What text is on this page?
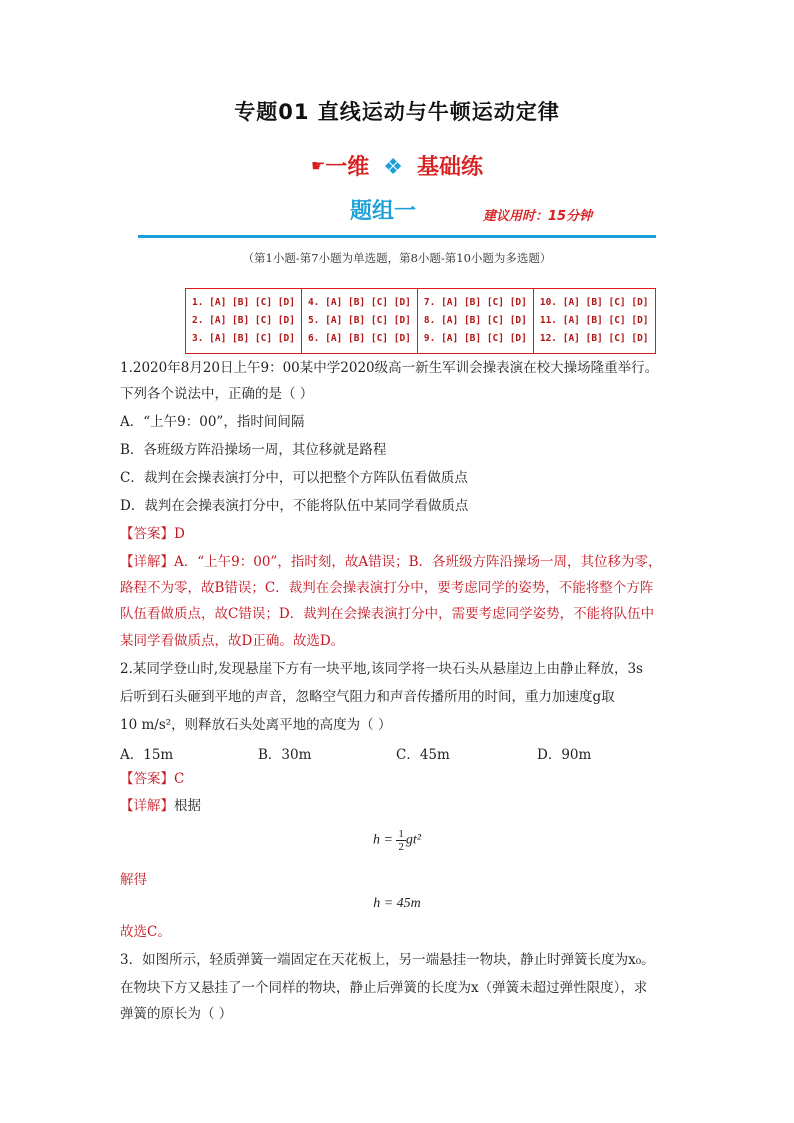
专题01 直线运动与牛顿运动定律
☛一维 ❖ 基础练
题组一	建议用时：15分钟
（第1小题-第7小题为单选题，第8小题-第10小题为多选题）
1. [A] [B] [C] [D]
2. [A] [B] [C] [D]
3. [A] [B] [C] [D]

4. [A] [B] [C] [D]
5. [A] [B] [C] [D]
6. [A] [B] [C] [D]

7. [A] [B] [C] [D]
8. [A] [B] [C] [D]
9. [A] [B] [C] [D]

10. [A] [B] [C] [D]
11. [A] [B] [C] [D]
12. [A] [B] [C] [D]
1.2020年8月20日上午9：00某中学2020级高一新生军训会操表演在校大操场隆重举行。
下列各个说法中，正确的是（ ）
A．“上午9：00”，指时间间隔
B．各班级方阵沿操场一周，其位移就是路程
C．裁判在会操表演打分中，可以把整个方阵队伍看做质点
D．裁判在会操表演打分中，不能将队伍中某同学看做质点
【答案】D
【详解】A．“上午9：00”，指时刻，故A错误；B．各班级方阵沿操场一周，其位移为零，
路程不为零，故B错误；C．裁判在会操表演打分中，要考虑同学的姿势，不能将整个方阵
队伍看做质点，故C错误；D．裁判在会操表演打分中，需要考虑同学姿势，不能将队伍中
某同学看做质点，故D正确。故选D。
2.某同学登山时,发现悬崖下方有一块平地,该同学将一块石头从悬崖边上由静止释放，3s
后听到石头砸到平地的声音，忽略空气阻力和声音传播所用的时间，重力加速度g取
10 m/s²，则释放石头处离平地的高度为（ ）
A．15m	B．30m	C．45m	D．90m
【答案】C
【详解】根据
$h = \frac{1}{2}gt^2$
解得
h = 45m
故选C。
3．如图所示，轻质弹簧一端固定在天花板上，另一端悬挂一物块，静止时弹簧长度为x₀。
在物块下方又悬挂了一个同样的物块，静止后弹簧的长度为x（弹簧未超过弹性限度），求
弹簧的原长为（ ）
